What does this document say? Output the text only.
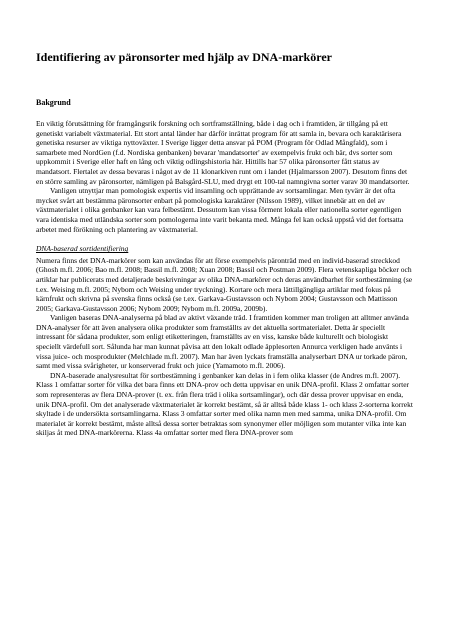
Identifiering av päronsorter med hjälp av DNA-markörer
Bakgrund

En viktig förutsättning för framgångsrik forskning och sortframställning, både i dag och i framtiden, är tillgång på ett genetiskt variabelt växtmaterial. Ett stort antal länder har därför inrättat program för att samla in, bevara och karaktärisera genetiska resurser av viktiga nyttoväxter. I Sverige ligger detta ansvar på POM (Program för Odlad Mångfald), som i samarbete med NordGen (f.d. Nordiska genbanken) bevarar 'mandatsorter' av exempelvis frukt och bär, dvs sorter som uppkommit i Sverige eller haft en lång och viktig odlingshistoria här. Hittills har 57 olika päronsorter fått status av mandatsort. Flertalet av dessa bevaras i något av de 11 klonarkiven runt om i landet (Hjalmarsson 2007). Desutom finns det en större samling av päronsorter, nämligen på Balsgård-SLU, med drygt ett 100-tal namngivna sorter varav 30 mandatsorter.

Vanligen utnyttjar man pomologisk expertis vid insamling och upprättande av sortsamlingar. Men tyvärr är det ofta mycket svårt att bestämma päronsorter enbart på pomologiska karaktärer (Nilsson 1989), vilket innebär att en del av växtmaterialet i olika genbanker kan vara felbestämt. Dessutom kan vissa förment lokala eller nationella sorter egentligen vara identiska med utländska sorter som pomologerna inte varit bekanta med. Många fel kan också uppstå vid det fortsatta arbetet med förökning och plantering av växtmaterial.

DNA-baserad sortidentifiering

Numera finns det DNA-markörer som kan användas för att förse exempelvis päronträd med en individ-baserad streckkod (Ghosh m.fl. 2006; Bao m.fl. 2008; Bassil m.fl. 2008; Xuan 2008; Bassil och Postman 2009). Flera vetenskapliga böcker och artiklar har publicerats med detaljerade beskrivningar av olika DNA-markörer och deras användbarhet för sortbestämning (se t.ex. Weising m.fl. 2005; Nybom och Weising under tryckning). Kortare och mera lättillgängliga artiklar med fokus på kärnfrukt och skrivna på svenska finns också (se t.ex. Garkava-Gustavsson och Nybom 2004; Gustavsson och Mattisson 2005; Garkava-Gustavsson 2006; Nybom 2009; Nybom m.fl. 2009a, 2009b).

Vanligen baseras DNA-analyserna på blad av aktivt växande träd. I framtiden kommer man troligen att alltmer använda DNA-analyser för att även analysera olika produkter som framställts av det aktuella sortmaterialet. Detta är speciellt intressant för sådana produkter, som enligt etiketteringen, framställts av en viss, kanske både kulturellt och biologiskt speciellt värdefull sort. Sålunda har man kunnat påvisa att den lokalt odlade äpplesorten Annurca verkligen hade använts i vissa juice- och mosprodukter (Melchlade m.fl. 2007). Man har även lyckats framställa analyserbart DNA ur torkade päron, samt med vissa svårigheter, ur konserverad frukt och juice (Yamamoto m.fl. 2006).

DNA-baserade analysresultat för sortbestämning i genbanker kan delas in i fem olika klasser (de Andres m.fl. 2007). Klass 1 omfattar sorter för vilka det bara finns ett DNA-prov och detta uppvisar en unik DNA-profil. Klass 2 omfattar sorter som representeras av flera DNA-prover (t. ex. från flera träd i olika sortsamlingar), och där dessa prover uppvisar en enda, unik DNA-profil. Om det analyserade växtmaterialet är korrekt bestämt, så är alltså både klass 1- och klass 2-sorterna korrekt skyltade i de undersökta sortsamlingarna. Klass 3 omfattar sorter med olika namn men med samma, unika DNA-profil. Om materialet är korrekt bestämt, måste alltså dessa sorter betraktas som synonymer eller möjligen som mutanter vilka inte kan skiljas åt med DNA-markörerna. Klass 4a omfattar sorter med flera DNA-prover som
